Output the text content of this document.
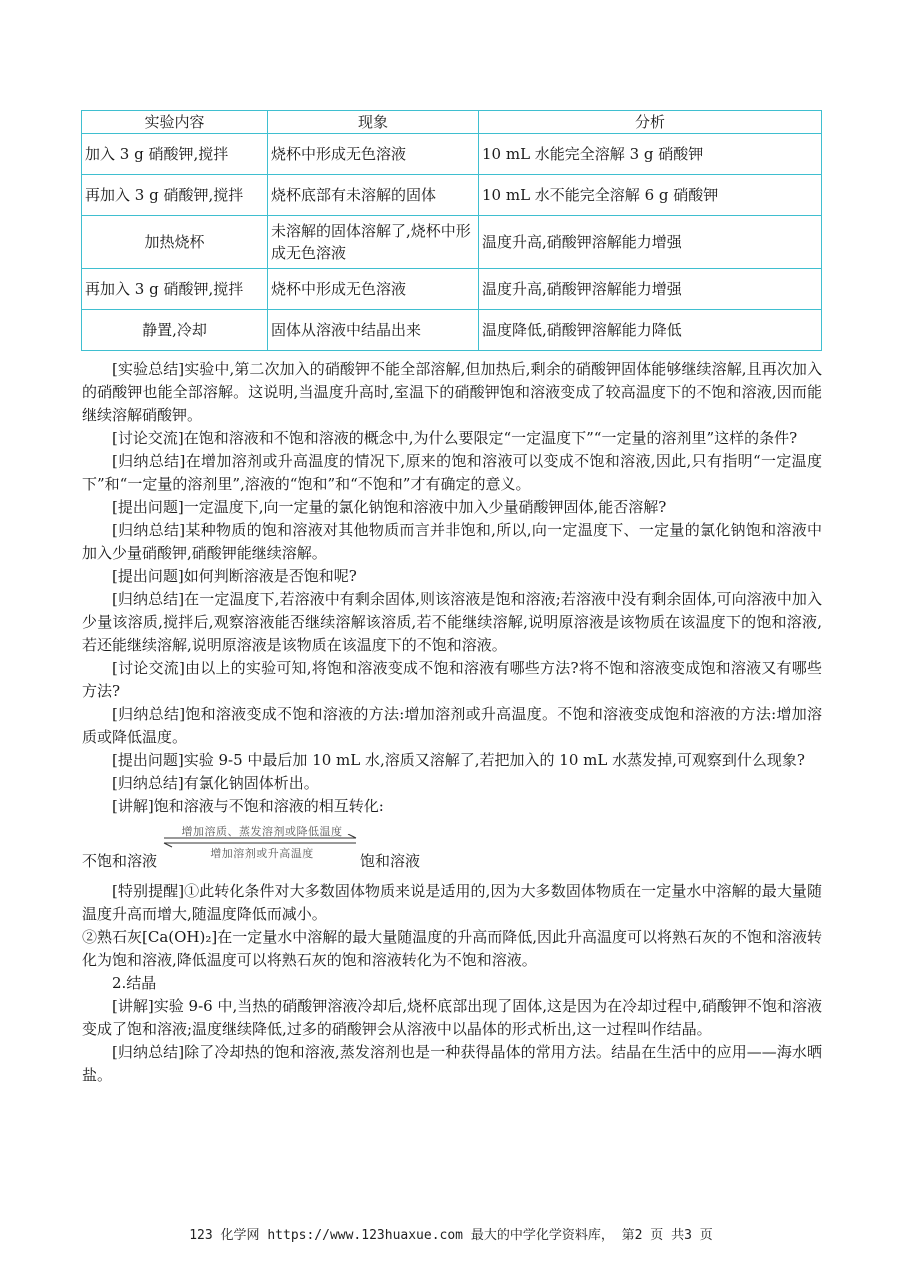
实验内容	现象	分析
加入 3 g 硝酸钾,搅拌	烧杯中形成无色溶液	10 mL 水能完全溶解 3 g 硝酸钾
再加入 3 g 硝酸钾,搅拌	烧杯底部有未溶解的固体	10 mL 水不能完全溶解 6 g 硝酸钾
加热烧杯	未溶解的固体溶解了,烧杯中形成无色溶液	温度升高,硝酸钾溶解能力增强
再加入 3 g 硝酸钾,搅拌	烧杯中形成无色溶液	温度升高,硝酸钾溶解能力增强
静置,冷却	固体从溶液中结晶出来	温度降低,硝酸钾溶解能力降低

[实验总结]实验中,第二次加入的硝酸钾不能全部溶解,但加热后,剩余的硝酸钾固体能够继续溶解,且再次加入的硝酸钾也能全部溶解。这说明,当温度升高时,室温下的硝酸钾饱和溶液变成了较高温度下的不饱和溶液,因而能继续溶解硝酸钾。

[讨论交流]在饱和溶液和不饱和溶液的概念中,为什么要限定“一定温度下”“一定量的溶剂里”这样的条件?

[归纳总结]在增加溶剂或升高温度的情况下,原来的饱和溶液可以变成不饱和溶液,因此,只有指明“一定温度下”和“一定量的溶剂里”,溶液的“饱和”和“不饱和”才有确定的意义。

[提出问题]一定温度下,向一定量的氯化钠饱和溶液中加入少量硝酸钾固体,能否溶解?

[归纳总结]某种物质的饱和溶液对其他物质而言并非饱和,所以,向一定温度下、一定量的氯化钠饱和溶液中加入少量硝酸钾,硝酸钾能继续溶解。

[提出问题]如何判断溶液是否饱和呢?

[归纳总结]在一定温度下,若溶液中有剩余固体,则该溶液是饱和溶液;若溶液中没有剩余固体,可向溶液中加入少量该溶质,搅拌后,观察溶液能否继续溶解该溶质,若不能继续溶解,说明原溶液是该物质在该温度下的饱和溶液,若还能继续溶解,说明原溶液是该物质在该温度下的不饱和溶液。

[讨论交流]由以上的实验可知,将饱和溶液变成不饱和溶液有哪些方法?将不饱和溶液变成饱和溶液又有哪些方法?

[归纳总结]饱和溶液变成不饱和溶液的方法:增加溶剂或升高温度。不饱和溶液变成饱和溶液的方法:增加溶质或降低温度。

[提出问题]实验 9-5 中最后加 10 mL 水,溶质又溶解了,若把加入的 10 mL 水蒸发掉,可观察到什么现象?

[归纳总结]有氯化钠固体析出。

[讲解]饱和溶液与不饱和溶液的相互转化:

不饱和溶液
增加溶质、蒸发溶剂或降低温度
增加溶剂或升高温度	饱和溶液

[特别提醒]①此转化条件对大多数固体物质来说是适用的,因为大多数固体物质在一定量水中溶解的最大量随温度升高而增大,随温度降低而减小。

②熟石灰[Ca(OH)₂]在一定量水中溶解的最大量随温度的升高而降低,因此升高温度可以将熟石灰的不饱和溶液转化为饱和溶液,降低温度可以将熟石灰的饱和溶液转化为不饱和溶液。

2.结晶

[讲解]实验 9-6 中,当热的硝酸钾溶液冷却后,烧杯底部出现了固体,这是因为在冷却过程中,硝酸钾不饱和溶液变成了饱和溶液;温度继续降低,过多的硝酸钾会从溶液中以晶体的形式析出,这一过程叫作结晶。

[归纳总结]除了冷却热的饱和溶液,蒸发溶剂也是一种获得晶体的常用方法。结晶在生活中的应用——海水晒盐。

123 化学网 https://www.123huaxue.com 最大的中学化学资料库， 第2 页 共3 页
